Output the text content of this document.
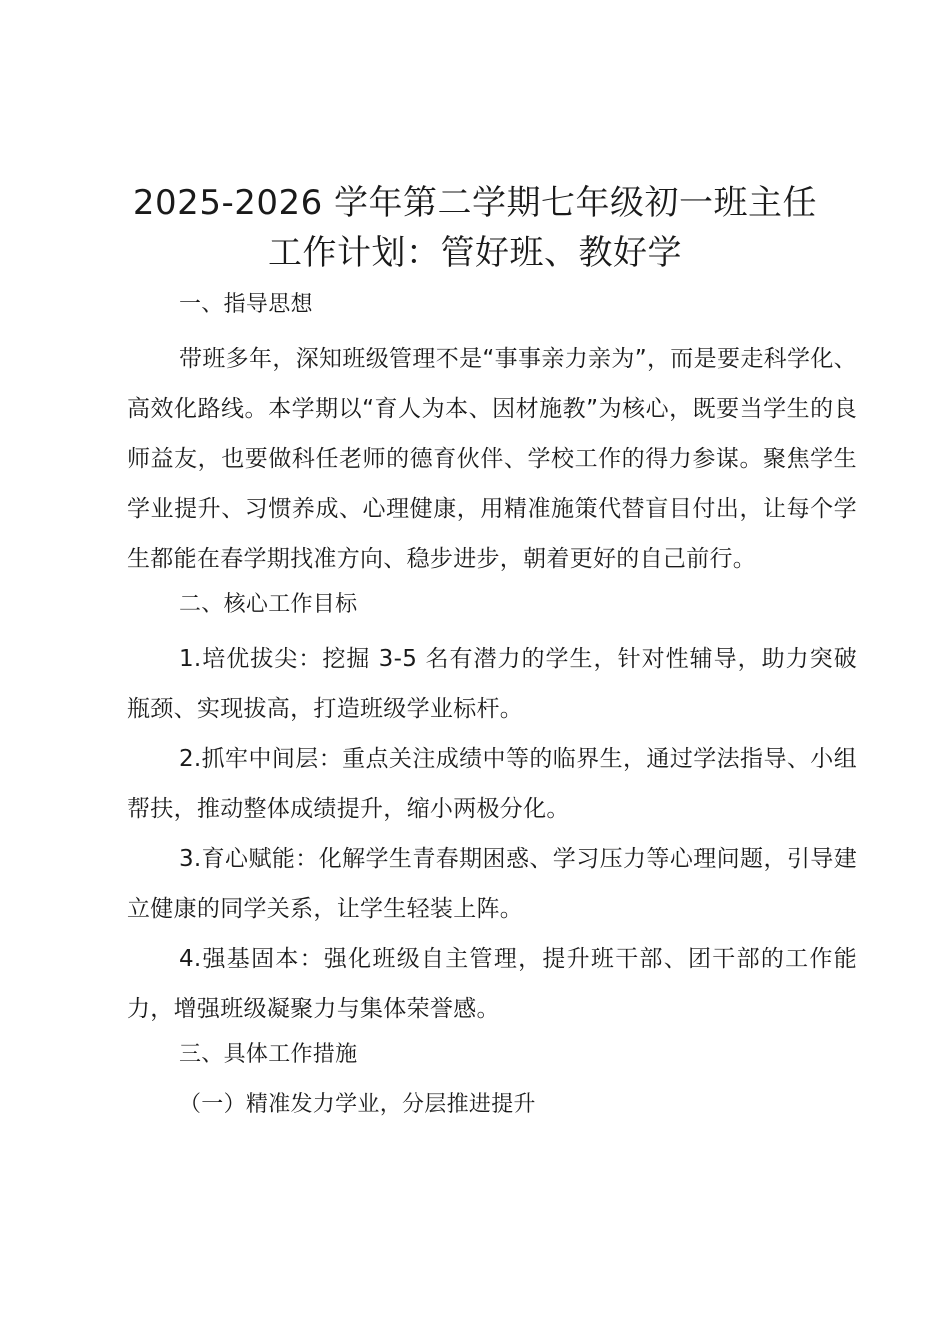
2025-2026 学年第二学期七年级初一班主任
工作计划：管好班、教好学

一、指导思想

带班多年，深知班级管理不是“事事亲力亲为”，而是要走科学化、高效化路线。本学期以“育人为本、因材施教”为核心，既要当学生的良师益友，也要做科任老师的德育伙伴、学校工作的得力参谋。聚焦学生学业提升、习惯养成、心理健康，用精准施策代替盲目付出，让每个学生都能在春学期找准方向、稳步进步，朝着更好的自己前行。

二、核心工作目标

1.培优拔尖：挖掘 3-5 名有潜力的学生，针对性辅导，助力突破瓶颈、实现拔高，打造班级学业标杆。

2.抓牢中间层：重点关注成绩中等的临界生，通过学法指导、小组帮扶，推动整体成绩提升，缩小两极分化。

3.育心赋能：化解学生青春期困惑、学习压力等心理问题，引导建立健康的同学关系，让学生轻装上阵。

4.强基固本：强化班级自主管理，提升班干部、团干部的工作能力，增强班级凝聚力与集体荣誉感。

三、具体工作措施

（一）精准发力学业，分层推进提升
